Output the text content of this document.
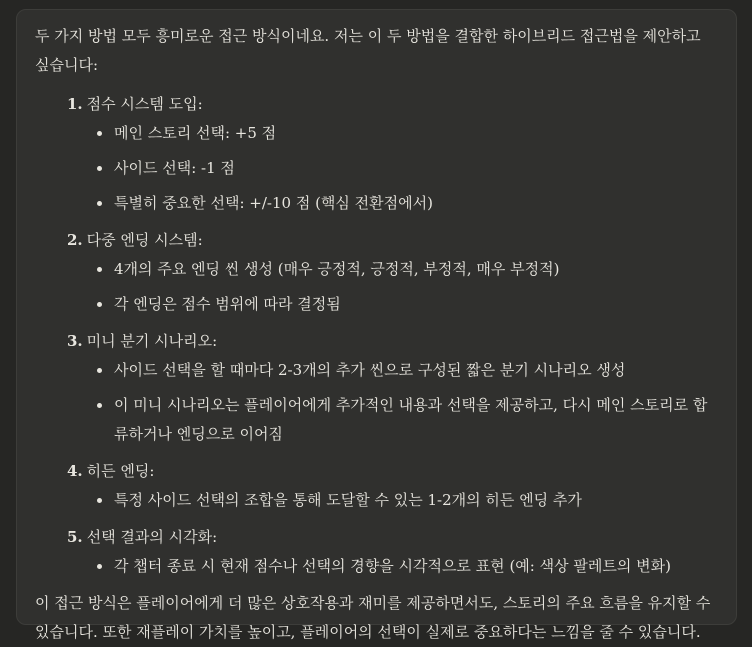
두 가지 방법 모두 흥미로운 접근 방식이네요. 저는 이 두 방법을 결합한 하이브리드 접근법을 제안하고 싶습니다:

1. 점수 시스템 도입:
메인 스토리 선택: +5 점
사이드 선택: -1 점
특별히 중요한 선택: +/-10 점 (핵심 전환점에서)
2. 다중 엔딩 시스템:
4개의 주요 엔딩 씬 생성 (매우 긍정적, 긍정적, 부정적, 매우 부정적)
각 엔딩은 점수 범위에 따라 결정됨
3. 미니 분기 시나리오:
사이드 선택을 할 때마다 2-3개의 추가 씬으로 구성된 짧은 분기 시나리오 생성
이 미니 시나리오는 플레이어에게 추가적인 내용과 선택을 제공하고, 다시 메인 스토리로 합류하거나 엔딩으로 이어짐
4. 히든 엔딩:
특정 사이드 선택의 조합을 통해 도달할 수 있는 1-2개의 히든 엔딩 추가
5. 선택 결과의 시각화:
각 챕터 종료 시 현재 점수나 선택의 경향을 시각적으로 표현 (예: 색상 팔레트의 변화)

이 접근 방식은 플레이어에게 더 많은 상호작용과 재미를 제공하면서도, 스토리의 주요 흐름을 유지할 수 있습니다. 또한 재플레이 가치를 높이고, 플레이어의 선택이 실제로 중요하다는 느낌을 줄 수 있습니다.
